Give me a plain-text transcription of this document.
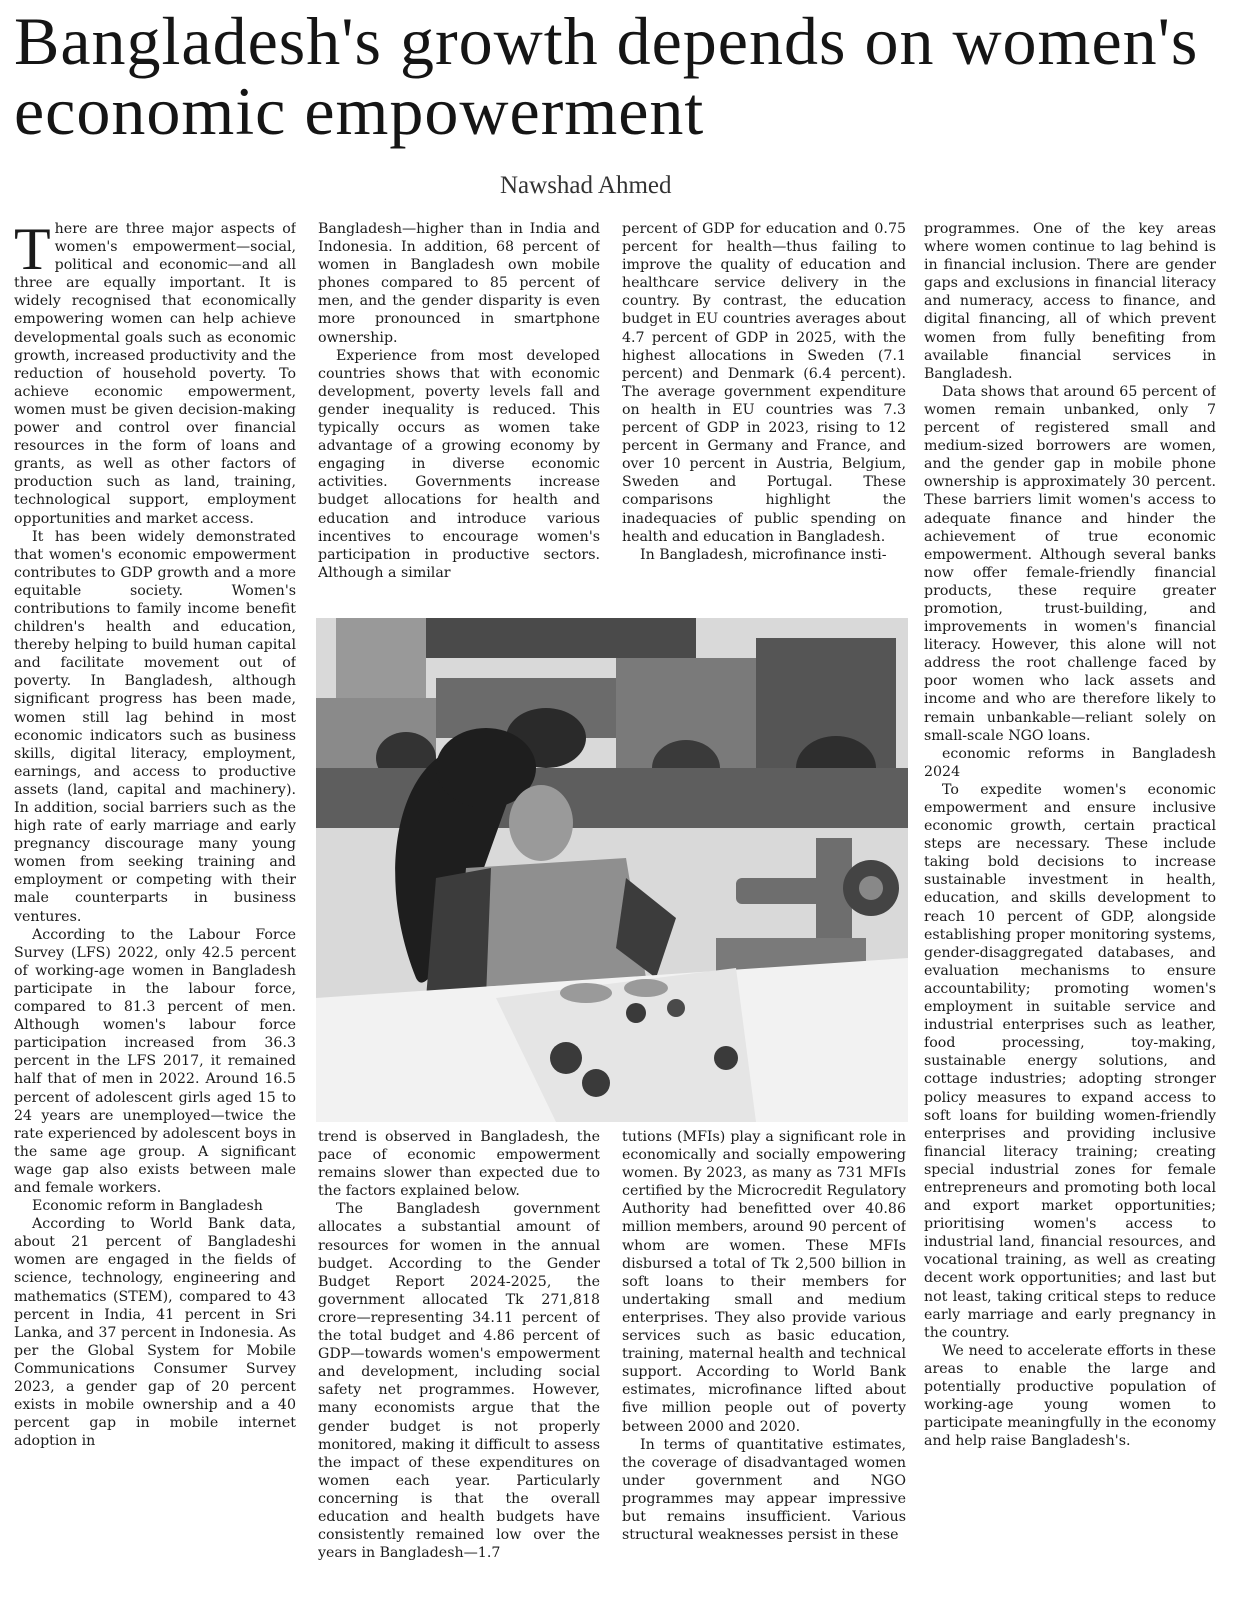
Bangladesh's growth depends on women's economic empowerment
Nawshad Ahmed

There are three major aspects of women's empowerment—social, political and economic—and all three are equally important. It is widely recognised that economically empowering women can help achieve developmental goals such as economic growth, increased productivity and the reduction of household poverty. To achieve economic empowerment, women must be given decision-making power and control over financial resources in the form of loans and grants, as well as other factors of production such as land, training, technological support, employment opportunities and market access.

It has been widely demonstrated that women's economic empowerment contributes to GDP growth and a more equitable society. Women's contributions to family income benefit children's health and education, thereby helping to build human capital and facilitate movement out of poverty. In Bangladesh, although significant progress has been made, women still lag behind in most economic indicators such as business skills, digital literacy, employment, earnings, and access to productive assets (land, capital and machinery). In addition, social barriers such as the high rate of early marriage and early pregnancy discourage many young women from seeking training and employment or competing with their male counterparts in business ventures.

According to the Labour Force Survey (LFS) 2022, only 42.5 percent of working-age women in Bangladesh participate in the labour force, compared to 81.3 percent of men. Although women's labour force participation increased from 36.3 percent in the LFS 2017, it remained half that of men in 2022. Around 16.5 percent of adolescent girls aged 15 to 24 years are unemployed—twice the rate experienced by adolescent boys in the same age group. A significant wage gap also exists between male and female workers.

Economic reform in Bangladesh

According to World Bank data, about 21 percent of Bangladeshi women are engaged in the fields of science, technology, engineering and mathematics (STEM), compared to 43 percent in India, 41 percent in Sri Lanka, and 37 percent in Indonesia. As per the Global System for Mobile Communications Consumer Survey 2023, a gender gap of 20 percent exists in mobile ownership and a 40 percent gap in mobile internet adoption in

Bangladesh—higher than in India and Indonesia. In addition, 68 percent of women in Bangladesh own mobile phones compared to 85 percent of men, and the gender disparity is even more pronounced in smartphone ownership.

Experience from most developed countries shows that with economic development, poverty levels fall and gender inequality is reduced. This typically occurs as women take advantage of a growing economy by engaging in diverse economic activities. Governments increase budget allocations for health and education and introduce various incentives to encourage women's participation in productive sectors. Although a similar

percent of GDP for education and 0.75 percent for health—thus failing to improve the quality of education and healthcare service delivery in the country. By contrast, the education budget in EU countries averages about 4.7 percent of GDP in 2025, with the highest allocations in Sweden (7.1 percent) and Denmark (6.4 percent). The average government expenditure on health in EU countries was 7.3 percent of GDP in 2023, rising to 12 percent in Germany and France, and over 10 percent in Austria, Belgium, Sweden and Portugal. These comparisons highlight the inadequacies of public spending on health and education in Bangladesh.

In Bangladesh, microfinance insti-

trend is observed in Bangladesh, the pace of economic empowerment remains slower than expected due to the factors explained below.

The Bangladesh government allocates a substantial amount of resources for women in the annual budget. According to the Gender Budget Report 2024-2025, the government allocated Tk 271,818 crore—representing 34.11 percent of the total budget and 4.86 percent of GDP—towards women's empowerment and development, including social safety net programmes. However, many economists argue that the gender budget is not properly monitored, making it difficult to assess the impact of these expenditures on women each year. Particularly concerning is that the overall education and health budgets have consistently remained low over the years in Bangladesh—1.7

tutions (MFIs) play a significant role in economically and socially empowering women. By 2023, as many as 731 MFIs certified by the Microcredit Regulatory Authority had benefitted over 40.86 million members, around 90 percent of whom are women. These MFIs disbursed a total of Tk 2,500 billion in soft loans to their members for undertaking small and medium enterprises. They also provide various services such as basic education, training, maternal health and technical support. According to World Bank estimates, microfinance lifted about five million people out of poverty between 2000 and 2020.

In terms of quantitative estimates, the coverage of disadvantaged women under government and NGO programmes may appear impressive but remains insufficient. Various structural weaknesses persist in these

programmes. One of the key areas where women continue to lag behind is in financial inclusion. There are gender gaps and exclusions in financial literacy and numeracy, access to finance, and digital financing, all of which prevent women from fully benefiting from available financial services in Bangladesh.

Data shows that around 65 percent of women remain unbanked, only 7 percent of registered small and medium-sized borrowers are women, and the gender gap in mobile phone ownership is approximately 30 percent. These barriers limit women's access to adequate finance and hinder the achievement of true economic empowerment. Although several banks now offer female-friendly financial products, these require greater promotion, trust-building, and improvements in women's financial literacy. However, this alone will not address the root challenge faced by poor women who lack assets and income and who are therefore likely to remain unbankable—reliant solely on small-scale NGO loans.

economic reforms in Bangladesh 2024

To expedite women's economic empowerment and ensure inclusive economic growth, certain practical steps are necessary. These include taking bold decisions to increase sustainable investment in health, education, and skills development to reach 10 percent of GDP, alongside establishing proper monitoring systems, gender-disaggregated databases, and evaluation mechanisms to ensure accountability; promoting women's employment in suitable service and industrial enterprises such as leather, food processing, toy-making, sustainable energy solutions, and cottage industries; adopting stronger policy measures to expand access to soft loans for building women-friendly enterprises and providing inclusive financial literacy training; creating special industrial zones for female entrepreneurs and promoting both local and export market opportunities; prioritising women's access to industrial land, financial resources, and vocational training, as well as creating decent work opportunities; and last but not least, taking critical steps to reduce early marriage and early pregnancy in the country.

We need to accelerate efforts in these areas to enable the large and potentially productive population of working-age young women to participate meaningfully in the economy and help raise Bangladesh's.
